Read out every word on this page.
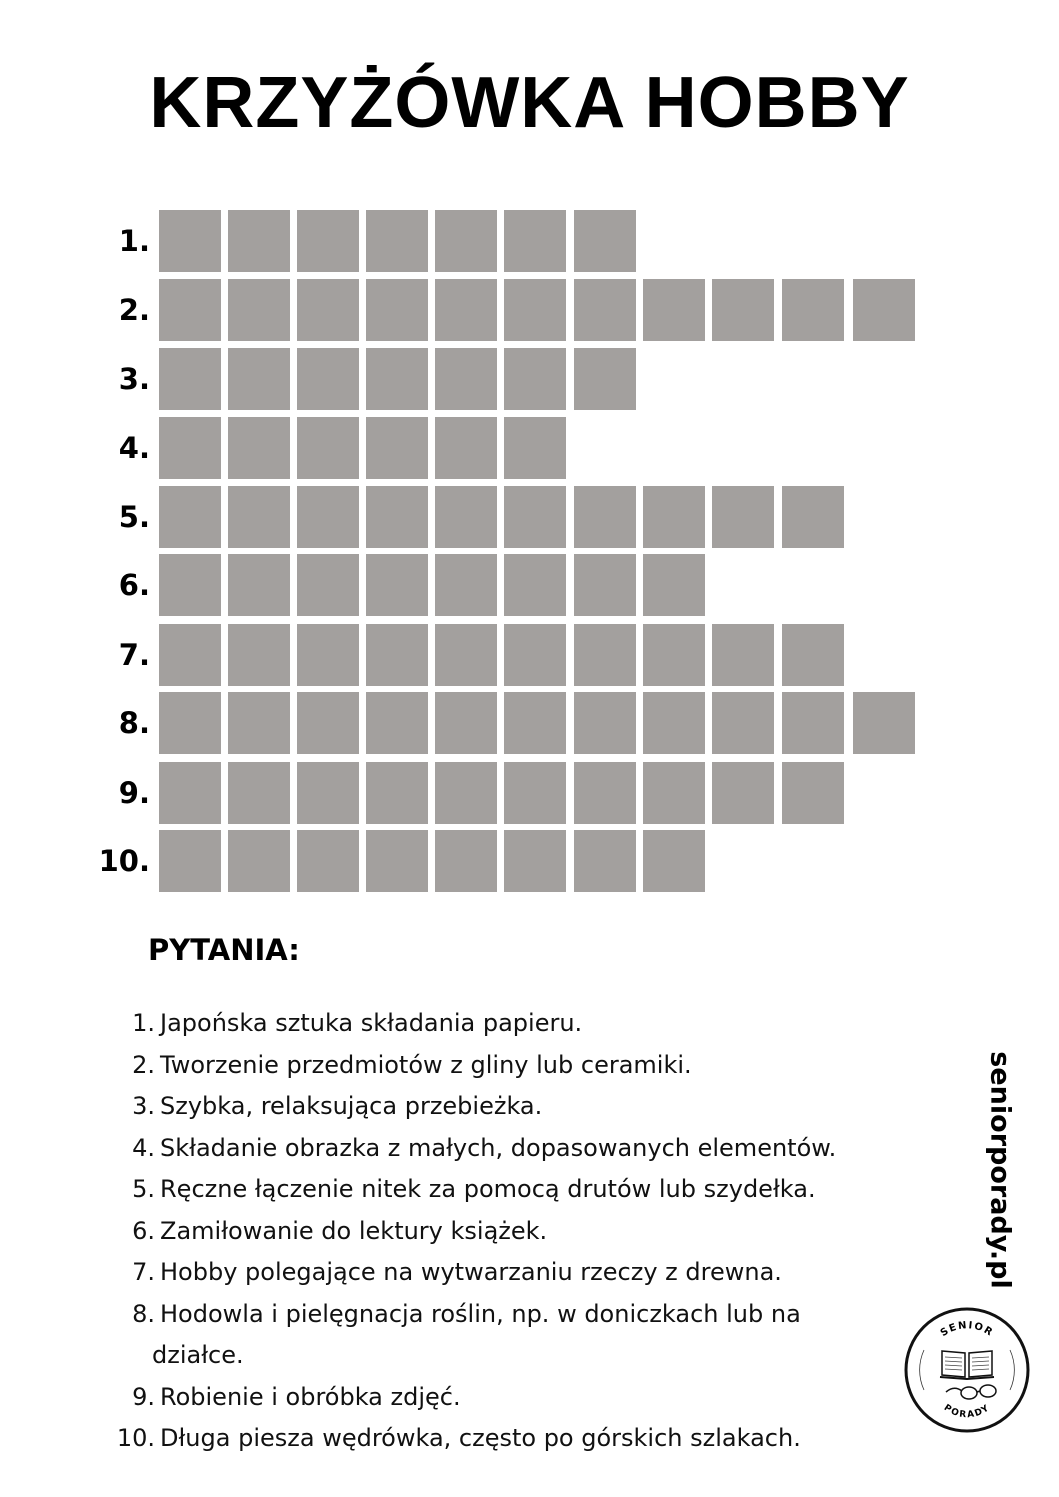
KRZYŻÓWKA HOBBY
1.
2.
3.
4.
5.
6.
7.
8.
9.
10.
PYTANIA:
1. Japońska sztuka składania papieru.
2. Tworzenie przedmiotów z gliny lub ceramiki.
3. Szybka, relaksująca przebieżka.
4. Składanie obrazka z małych, dopasowanych elementów.
5. Ręczne łączenie nitek za pomocą drutów lub szydełka.
6. Zamiłowanie do lektury książek.
7. Hobby polegające na wytwarzaniu rzeczy z drewna.
8. Hodowla i pielęgnacja roślin, np. w doniczkach lub na
działce.
9. Robienie i obróbka zdjęć.
10. Długa piesza wędrówka, często po górskich szlakach.
seniorporady.pl
SENIOR
PORADY
